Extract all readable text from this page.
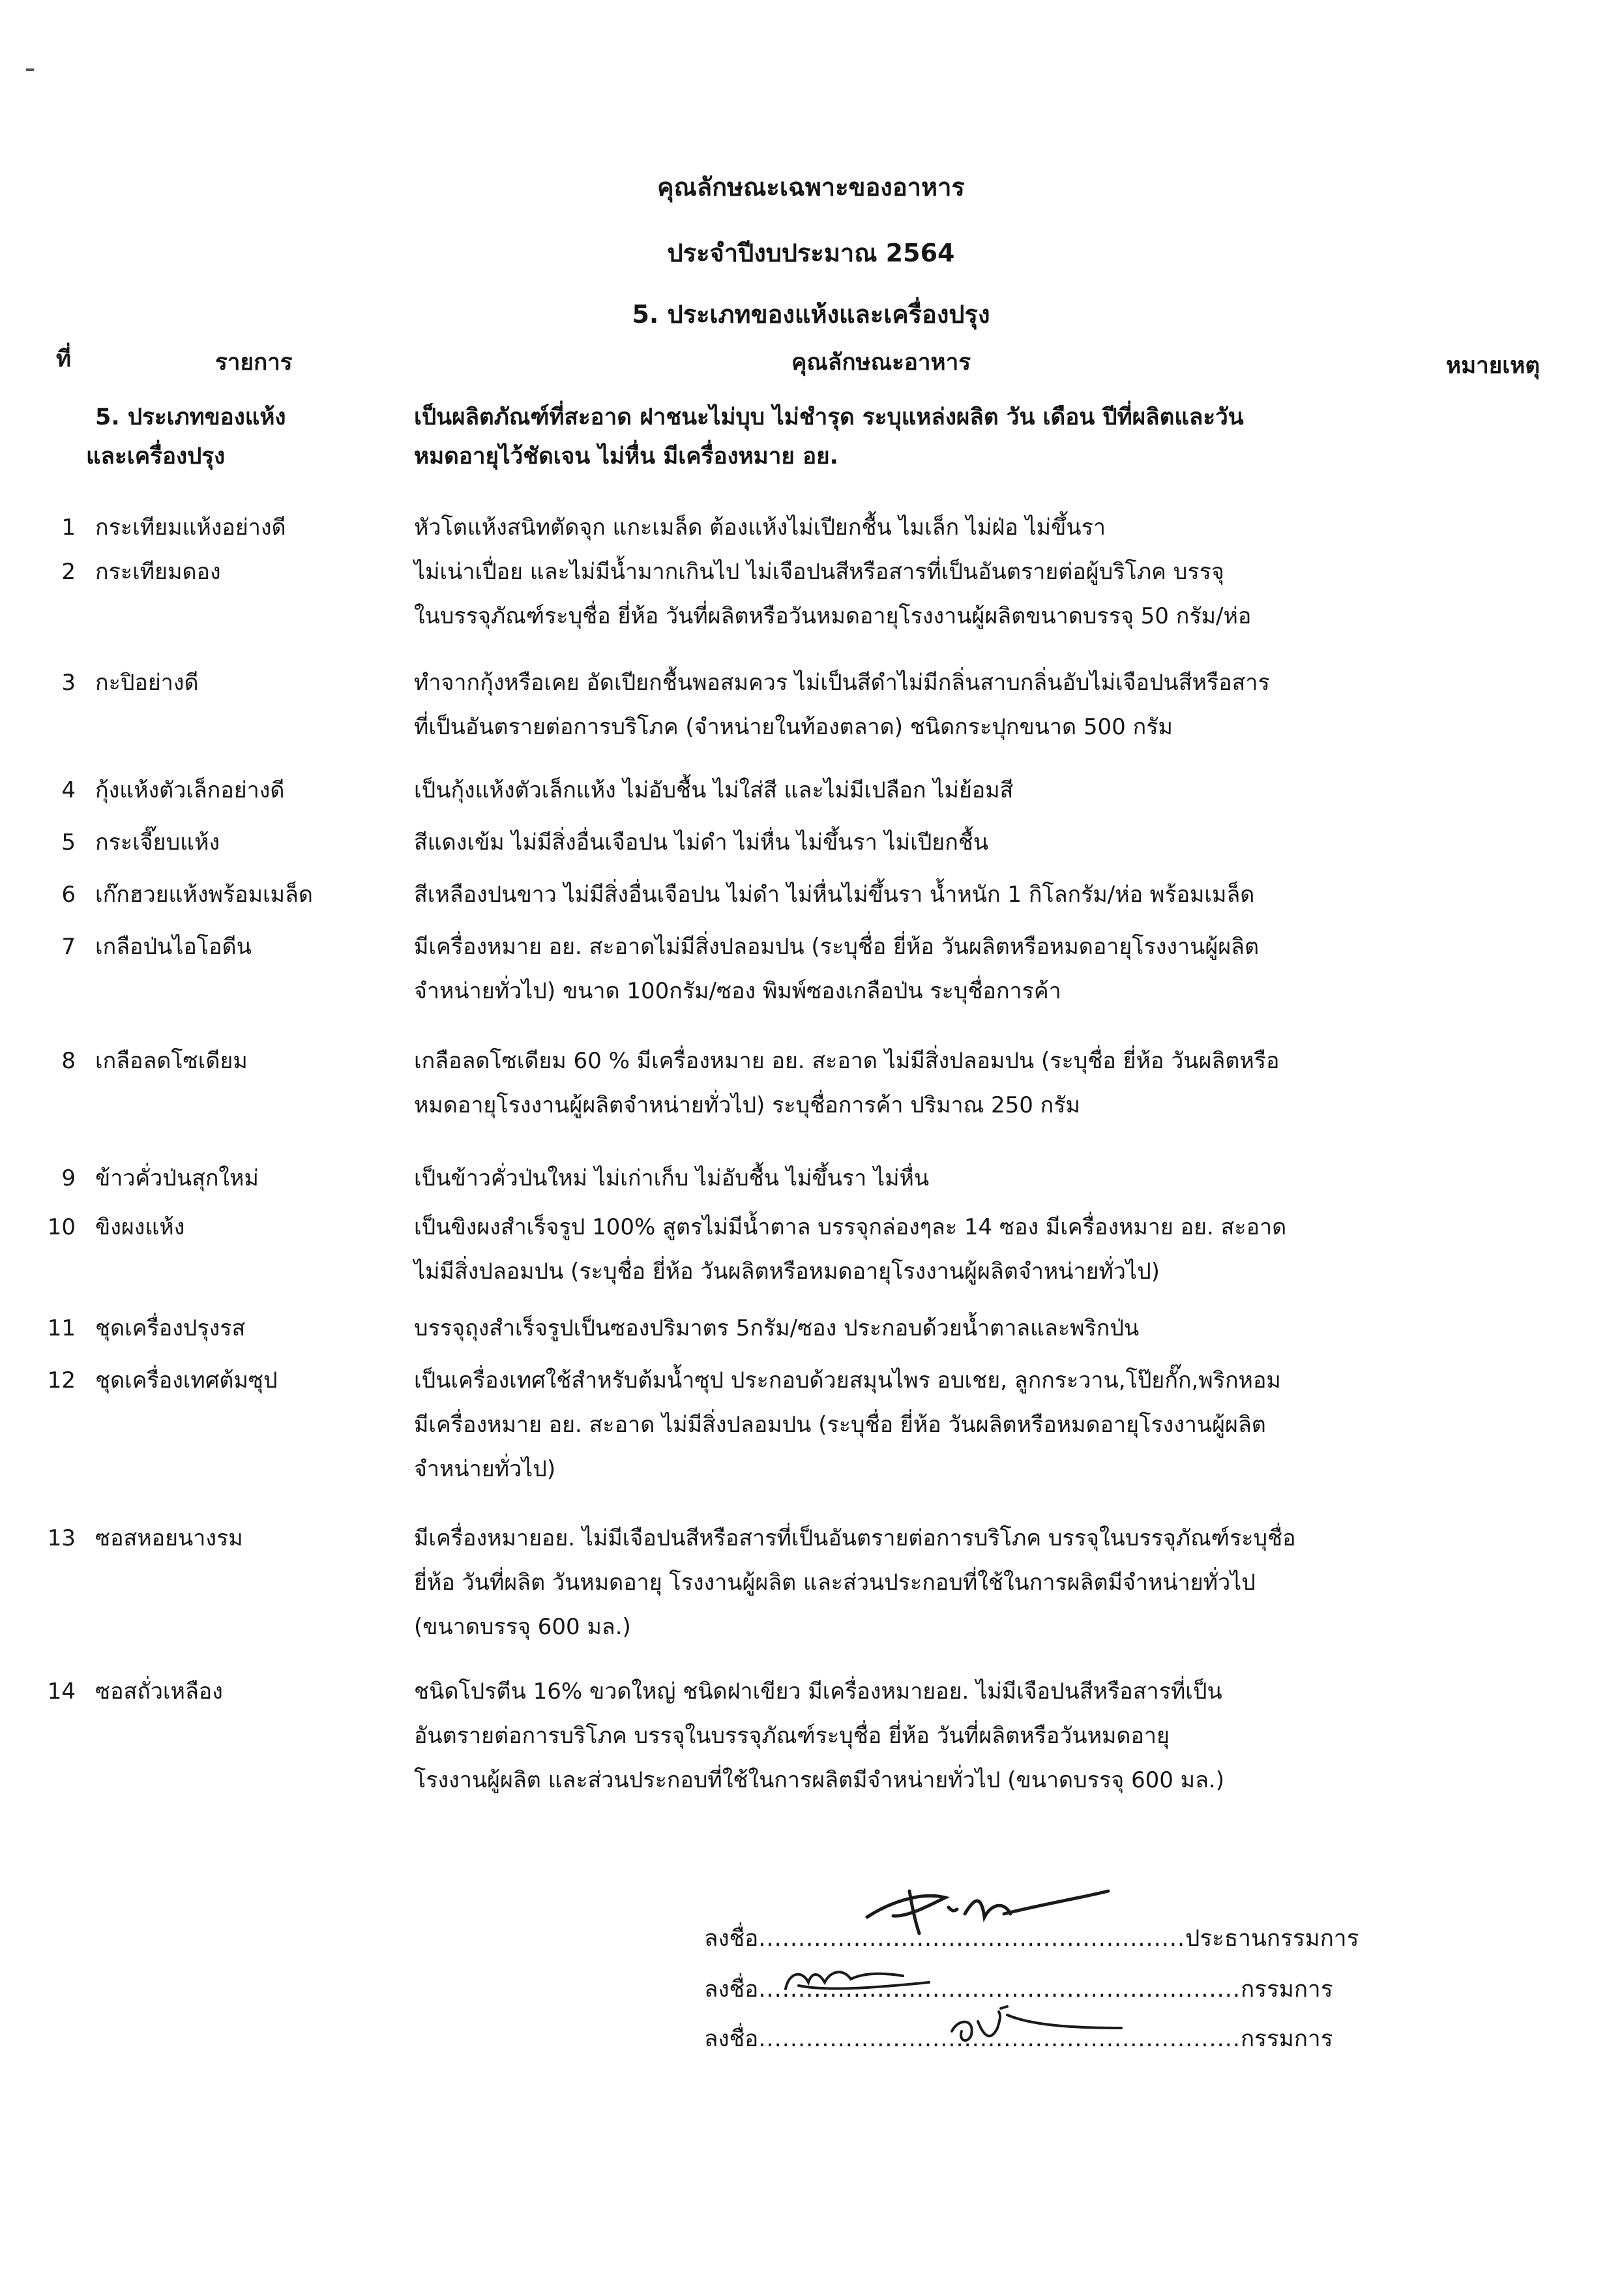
คุณลักษณะเฉพาะของอาหาร
ประจำปีงบประมาณ 2564
5. ประเภทของแห้งและเครื่องปรุง
ที่	รายการ	คุณลักษณะอาหาร	หมายเหตุ
5. ประเภทของแห้ง
และเครื่องปรุง
เป็นผลิตภัณฑ์ที่สะอาด ฝาชนะไม่บุบ ไม่ชำรุด ระบุแหล่งผลิต วัน เดือน ปีที่ผลิตและวัน
หมดอายุไว้ชัดเจน ไม่หื่น มีเครื่องหมาย อย.
1 กระเทียมแห้งอย่างดี	หัวโตแห้งสนิทตัดจุก แกะเมล็ด ต้องแห้งไม่เปียกชื้น ไมเล็ก ไม่ฝ่อ ไม่ขึ้นรา
2 กระเทียมดอง	ไม่เน่าเปื่อย และไม่มีน้ำมากเกินไป ไม่เจือปนสีหรือสารที่เป็นอันตรายต่อผู้บริโภค บรรจุ
ในบรรจุภัณฑ์ระบุชื่อ ยี่ห้อ วันที่ผลิตหรือวันหมดอายุโรงงานผู้ผลิตขนาดบรรจุ 50 กรัม/ห่อ
3 กะปิอย่างดี	ทำจากกุ้งหรือเคย อัดเปียกชื้นพอสมควร ไม่เป็นสีดำไม่มีกลิ่นสาบกลิ่นอับไม่เจือปนสีหรือสาร
ที่เป็นอันตรายต่อการบริโภค (จำหน่ายในท้องตลาด) ชนิดกระปุกขนาด 500 กรัม
4 กุ้งแห้งตัวเล็กอย่างดี	เป็นกุ้งแห้งตัวเล็กแห้ง ไม่อับชื้น ไม่ใส่สี และไม่มีเปลือก ไม่ย้อมสี
5 กระเจี๊ยบแห้ง	สีแดงเข้ม ไม่มีสิ่งอื่นเจือปน ไม่ดำ ไม่หื่น ไม่ขึ้นรา ไม่เปียกชื้น
6 เก๊กฮวยแห้งพร้อมเมล็ด	สีเหลืองปนขาว ไม่มีสิ่งอื่นเจือปน ไม่ดำ ไม่หื่นไม่ขึ้นรา น้ำหนัก 1 กิโลกรัม/ห่อ พร้อมเมล็ด
7 เกลือป่นไอโอดีน	มีเครื่องหมาย อย. สะอาดไม่มีสิ่งปลอมปน (ระบุชื่อ ยี่ห้อ วันผลิตหรือหมดอายุโรงงานผู้ผลิต
จำหน่ายทั่วไป) ขนาด 100กรัม/ซอง พิมพ์ซองเกลือป่น ระบุชื่อการค้า
8 เกลือลดโซเดียม	เกลือลดโซเดียม 60 % มีเครื่องหมาย อย. สะอาด ไม่มีสิ่งปลอมปน (ระบุชื่อ ยี่ห้อ วันผลิตหรือ
หมดอายุโรงงานผู้ผลิตจำหน่ายทั่วไป) ระบุชื่อการค้า ปริมาณ 250 กรัม
9 ข้าวคั่วป่นสุกใหม่	เป็นข้าวคั่วป่นใหม่ ไม่เก่าเก็บ ไม่อับชื้น ไม่ขึ้นรา ไม่หื่น
10 ขิงผงแห้ง	เป็นขิงผงสำเร็จรูป 100% สูตรไม่มีน้ำตาล บรรจุกล่องๆละ 14 ซอง มีเครื่องหมาย อย. สะอาด
ไม่มีสิ่งปลอมปน (ระบุชื่อ ยี่ห้อ วันผลิตหรือหมดอายุโรงงานผู้ผลิตจำหน่ายทั่วไป)
11 ชุดเครื่องปรุงรส	บรรจุถุงสำเร็จรูปเป็นซองปริมาตร 5กรัม/ซอง ประกอบด้วยน้ำตาลและพริกป่น
12 ชุดเครื่องเทศต้มซุป	เป็นเครื่องเทศใช้สำหรับต้มน้ำซุป ประกอบด้วยสมุนไพร อบเชย, ลูกกระวาน,โป๊ยกั๊ก,พริกหอม
มีเครื่องหมาย อย. สะอาด ไม่มีสิ่งปลอมปน (ระบุชื่อ ยี่ห้อ วันผลิตหรือหมดอายุโรงงานผู้ผลิต
จำหน่ายทั่วไป)
13 ซอสหอยนางรม	มีเครื่องหมายอย. ไม่มีเจือปนสีหรือสารที่เป็นอันตรายต่อการบริโภค บรรจุในบรรจุภัณฑ์ระบุชื่อ
ยี่ห้อ วันที่ผลิต วันหมดอายุ โรงงานผู้ผลิต และส่วนประกอบที่ใช้ในการผลิตมีจำหน่ายทั่วไป
(ขนาดบรรจุ 600 มล.)
14 ซอสถั่วเหลือง	ชนิดโปรตีน 16% ขวดใหญ่ ชนิดฝาเขียว มีเครื่องหมายอย. ไม่มีเจือปนสีหรือสารที่เป็น
อันตรายต่อการบริโภค บรรจุในบรรจุภัณฑ์ระบุชื่อ ยี่ห้อ วันที่ผลิตหรือวันหมดอายุ
โรงงานผู้ผลิต และส่วนประกอบที่ใช้ในการผลิตมีจำหน่ายทั่วไป (ขนาดบรรจุ 600 มล.)
ลงชื่อ......................................................ประธานกรรมการ
ลงชื่อ.............................................................กรรมการ
ลงชื่อ.............................................................กรรมการ
